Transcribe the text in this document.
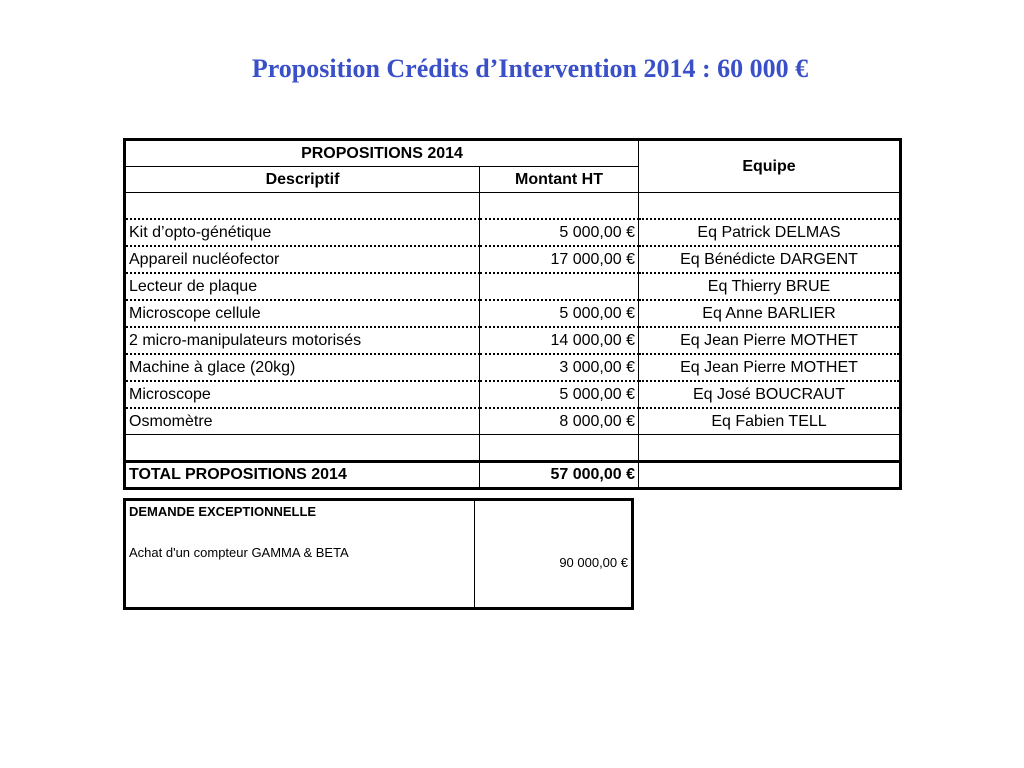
Proposition Crédits d’Intervention 2014 : 60 000 €
PROPOSITIONS 2014		Equipe
Descriptif	Montant HT	

Kit d’opto-génétique	5 000,00 €	Eq Patrick DELMAS
Appareil nucléofector	17 000,00 €	Eq Bénédicte DARGENT
Lecteur de plaque		Eq Thierry BRUE
Microscope cellule	5 000,00 €	Eq Anne BARLIER
2 micro-manipulateurs motorisés	14 000,00 €	Eq Jean Pierre MOTHET
Machine à glace (20kg)	3 000,00 €	Eq Jean Pierre MOTHET
Microscope	5 000,00 €	Eq José BOUCRAUT
Osmomètre	8 000,00 €	Eq Fabien TELL

TOTAL PROPOSITIONS 2014	57 000,00 €	
DEMANDE EXCEPTIONNELLE
Achat d'un compteur GAMMA & BETA
	90 000,00 €
